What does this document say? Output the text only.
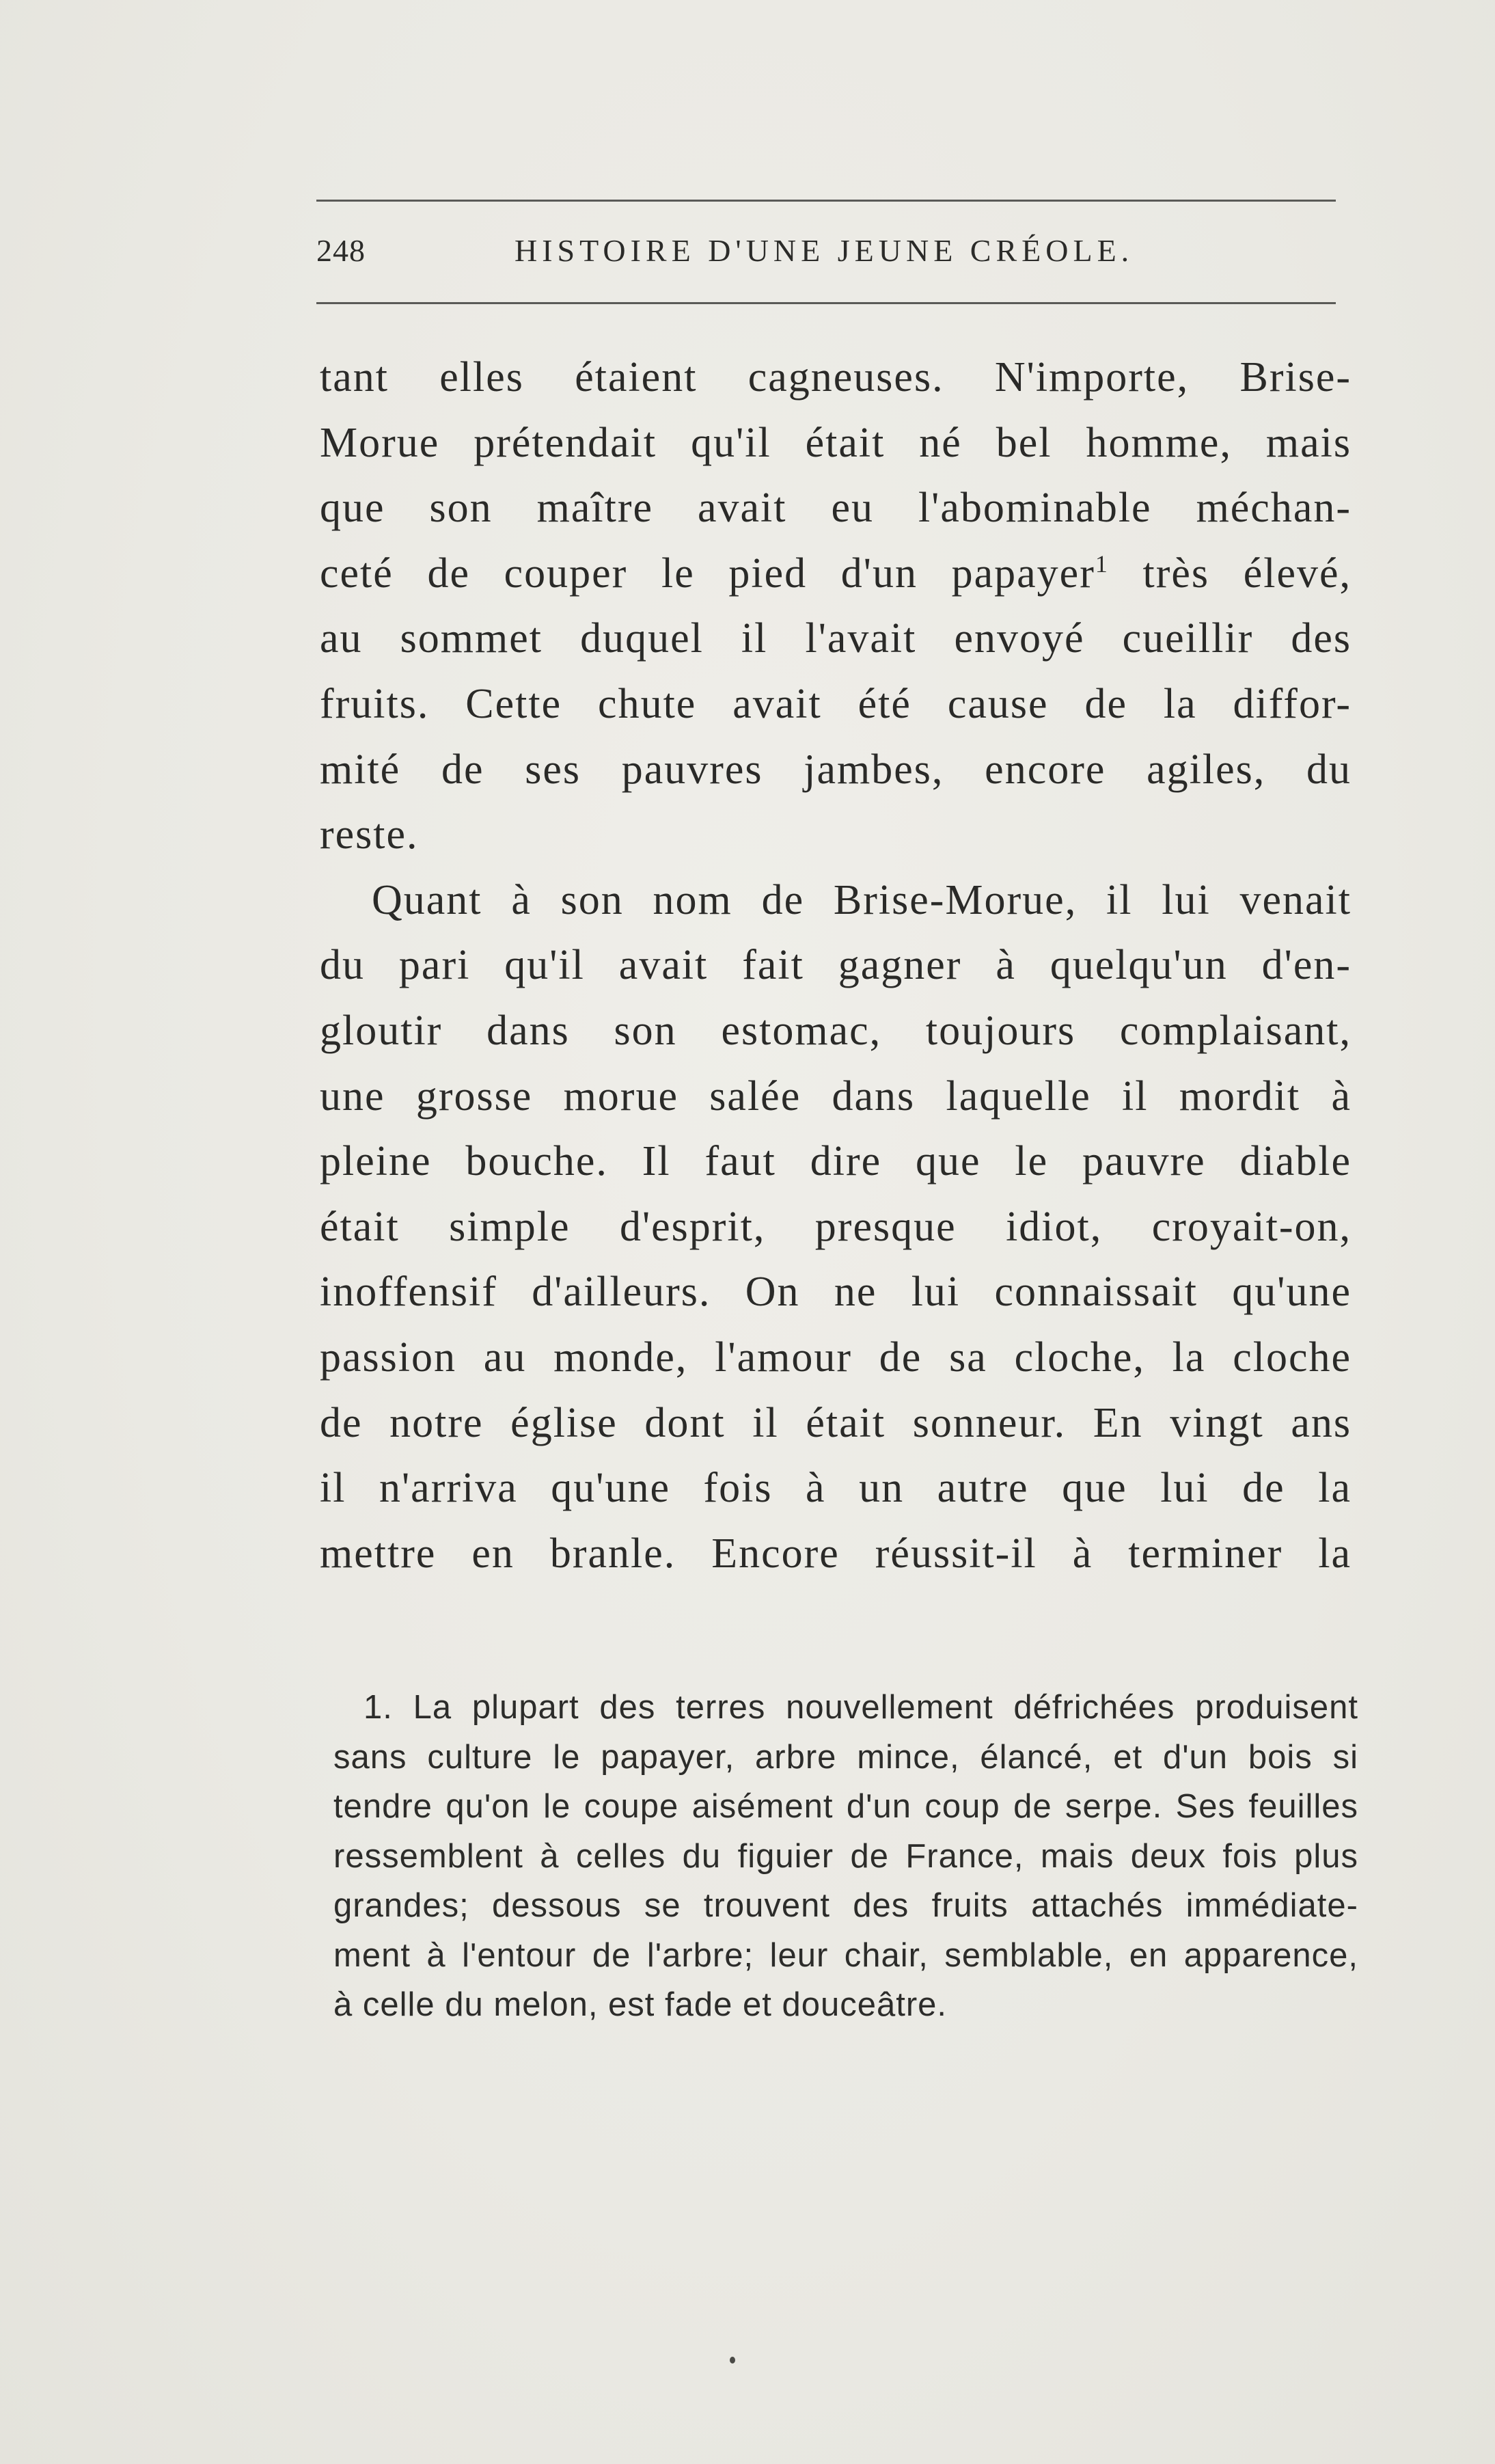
248	HISTOIRE D'UNE JEUNE CRÉOLE.
tant elles étaient cagneuses. N'importe, Brise-
Morue prétendait qu'il était né bel homme, mais
que son maître avait eu l'abominable méchan-
ceté de couper le pied d'un papayer$^1$ très élevé,
au sommet duquel il l'avait envoyé cueillir des
fruits. Cette chute avait été cause de la diffor-
mité de ses pauvres jambes, encore agiles, du
reste.
Quant à son nom de Brise-Morue, il lui venait
du pari qu'il avait fait gagner à quelqu'un d'en-
gloutir dans son estomac, toujours complaisant,
une grosse morue salée dans laquelle il mordit à
pleine bouche. Il faut dire que le pauvre diable
était simple d'esprit, presque idiot, croyait-on,
inoffensif d'ailleurs. On ne lui connaissait qu'une
passion au monde, l'amour de sa cloche, la cloche
de notre église dont il était sonneur. En vingt ans
il n'arriva qu'une fois à un autre que lui de la
mettre en branle. Encore réussit-il à terminer la
1. La plupart des terres nouvellement défrichées produisent
sans culture le papayer, arbre mince, élancé, et d'un bois si
tendre qu'on le coupe aisément d'un coup de serpe. Ses feuilles
ressemblent à celles du figuier de France, mais deux fois plus
grandes; dessous se trouvent des fruits attachés immédiate-
ment à l'entour de l'arbre; leur chair, semblable, en apparence,
à celle du melon, est fade et douceâtre.
